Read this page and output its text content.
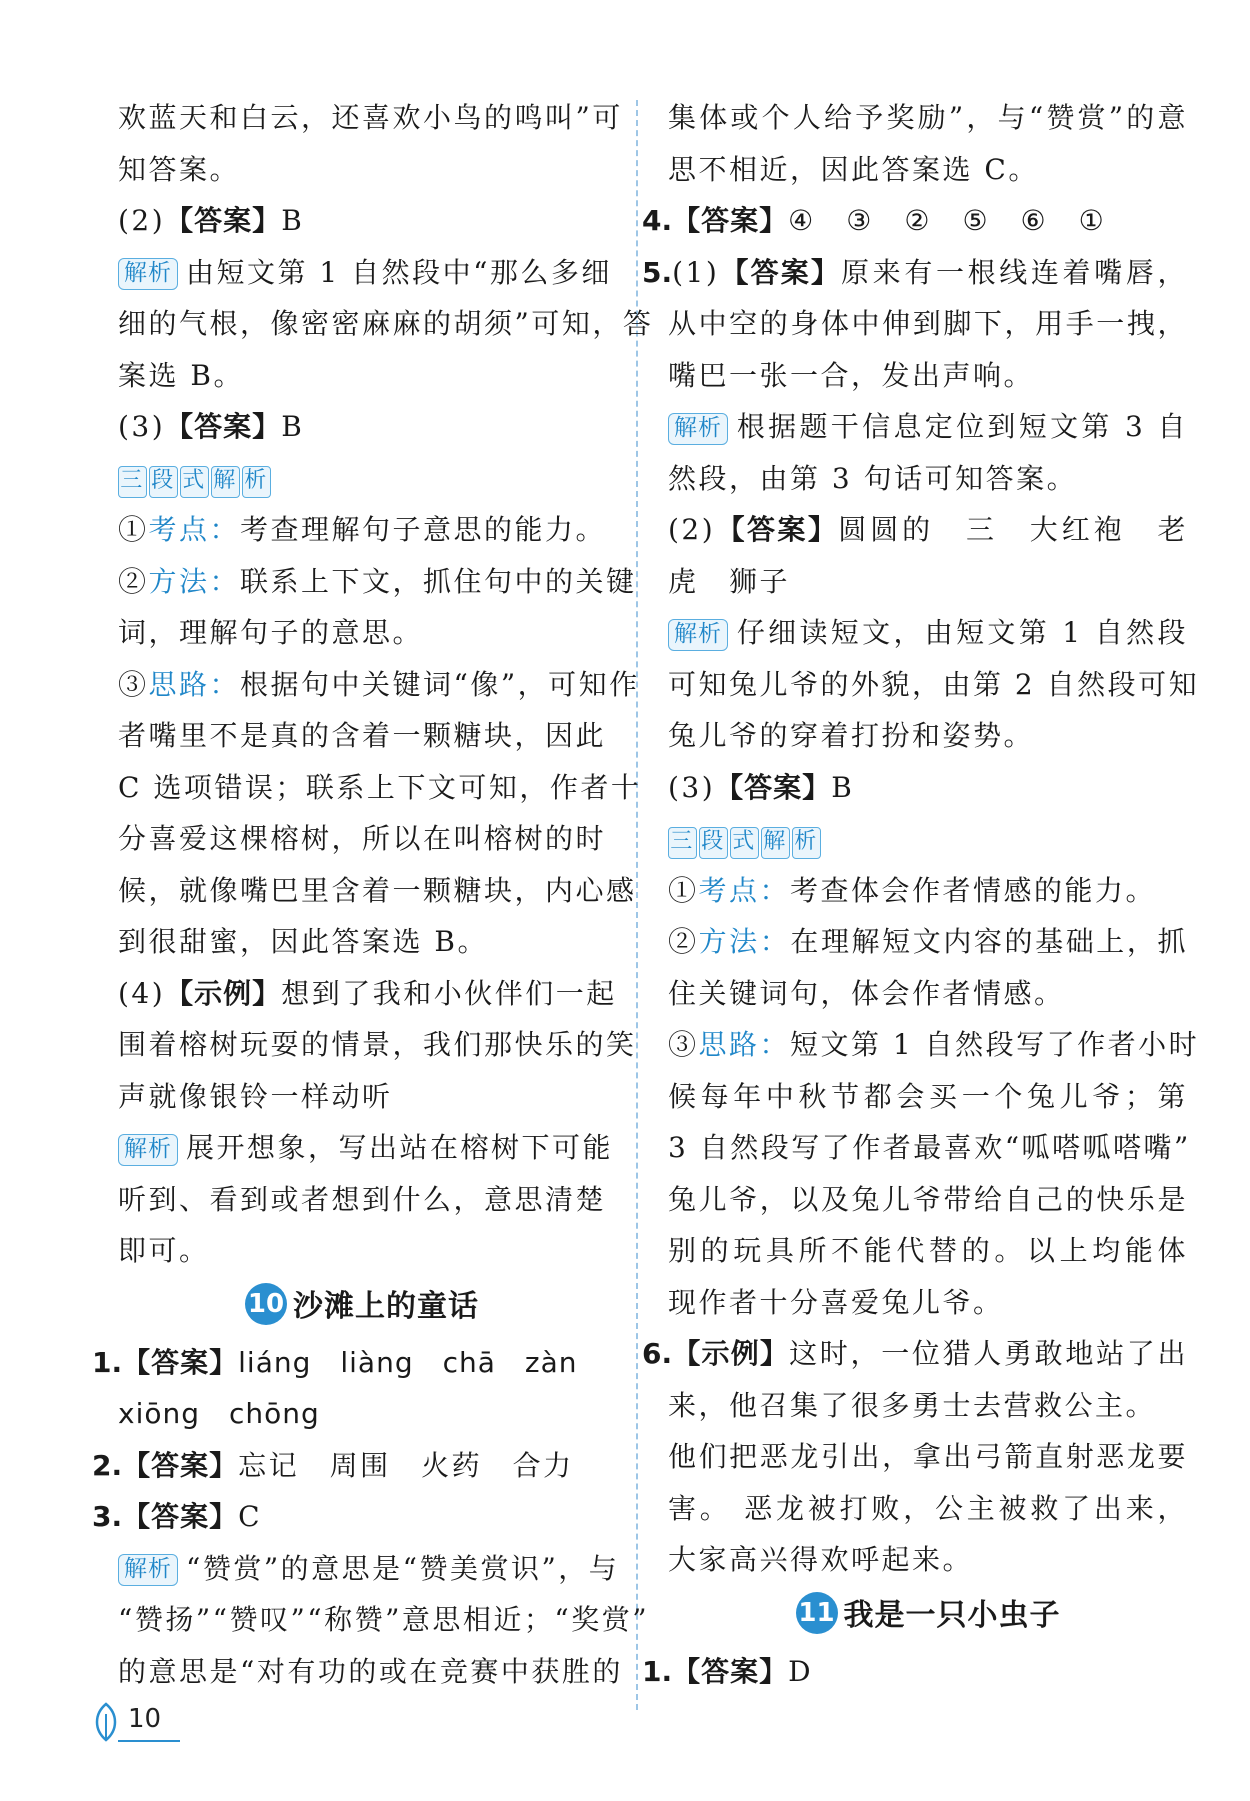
欢蓝天和白云，还喜欢小鸟的鸣叫”可
知答案。
(2)【答案】B
解析 由短文第 1 自然段中“那么多细
细的气根，像密密麻麻的胡须”可知，答
案选 B。
(3)【答案】B
三 段 式 解 析
①考点：考查理解句子意思的能力。
②方法：联系上下文，抓住句中的关键
词，理解句子的意思。
③思路：根据句中关键词“像”，可知作
者嘴里不是真的含着一颗糖块，因此
C 选项错误；联系上下文可知，作者十
分喜爱这棵榕树，所以在叫榕树的时
候，就像嘴巴里含着一颗糖块，内心感
到很甜蜜，因此答案选 B。
(4)【示例】想到了我和小伙伴们一起
围着榕树玩耍的情景，我们那快乐的笑
声就像银铃一样动听
解析 展开想象，写出站在榕树下可能
听到、看到或者想到什么，意思清楚
即可。
10 沙滩上的童话
1.【答案】liáng　liàng　chā　zàn
xiōng　chōng
2.【答案】忘记　周围　火药　合力
3.【答案】C
解析 “赞赏”的意思是“赞美赏识”，与
“赞扬”“赞叹”“称赞”意思相近；“奖赏”
的意思是“对有功的或在竞赛中获胜的
集体或个人给予奖励”，与“赞赏”的意
思不相近，因此答案选 C。
4.【答案】④　③　②　⑤　⑥　①
5.(1)【答案】原来有一根线连着嘴唇，
从中空的身体中伸到脚下，用手一拽，
嘴巴一张一合，发出声响。
解析 根据题干信息定位到短文第 3 自
然段，由第 3 句话可知答案。
(2)【答案】圆圆的　三　大红袍　老
虎　狮子
解析 仔细读短文，由短文第 1 自然段
可知兔儿爷的外貌，由第 2 自然段可知
兔儿爷的穿着打扮和姿势。
(3)【答案】B
三 段 式 解 析
①考点：考查体会作者情感的能力。
②方法：在理解短文内容的基础上，抓
住关键词句，体会作者情感。
③思路：短文第 1 自然段写了作者小时
候每年中秋节都会买一个兔儿爷；第
3 自然段写了作者最喜欢“呱嗒呱嗒嘴”
兔儿爷，以及兔儿爷带给自己的快乐是
别的玩具所不能代替的。以上均能体
现作者十分喜爱兔儿爷。
6.【示例】这时，一位猎人勇敢地站了出
来，他召集了很多勇士去营救公主。
他们把恶龙引出，拿出弓箭直射恶龙要
害。 恶龙被打败，公主被救了出来，
大家高兴得欢呼起来。
11 我是一只小虫子
1.【答案】D
10
